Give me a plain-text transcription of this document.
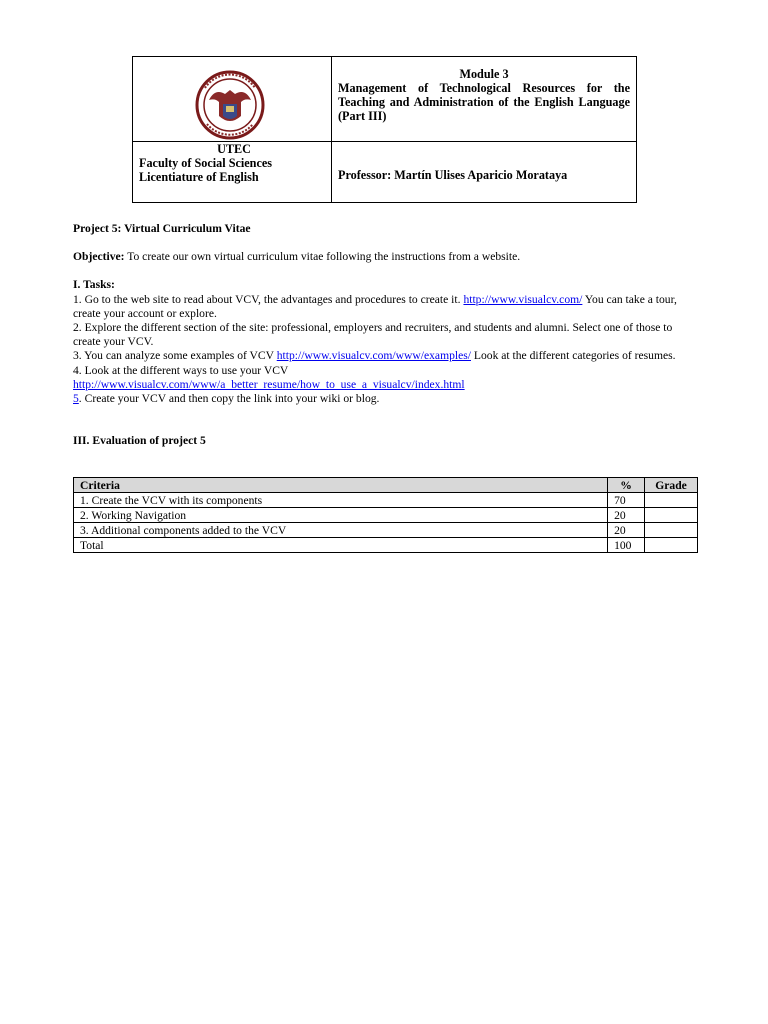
Module 3
Management of Technological Resources for the Teaching and Administration of the English Language (Part III)
UTEC
Faculty of Social Sciences
Licentiature of English	Professor: Martín Ulises Aparicio Morataya

Project 5: Virtual Curriculum Vitae

Objective: To create our own virtual curriculum vitae following the instructions from a website.

I. Tasks:

1. Go to the web site to read about VCV, the advantages and procedures to create it. http://www.visualcv.com/ You can take a tour, create your account or explore.

2. Explore the different section of the site: professional, employers and recruiters, and students and alumni. Select one of those to create your VCV.

3. You can analyze some examples of VCV http://www.visualcv.com/www/examples/ Look at the different categories of resumes.

4. Look at the different ways to use your VCV

http://www.visualcv.com/www/a_better_resume/how_to_use_a_visualcv/index.html

5. Create your VCV and then copy the link into your wiki or blog.

III. Evaluation of project 5

Criteria	%	Grade
1. Create the VCV with its components	70	
2. Working Navigation	20	
3. Additional components added to the VCV	20	
Total	100	
